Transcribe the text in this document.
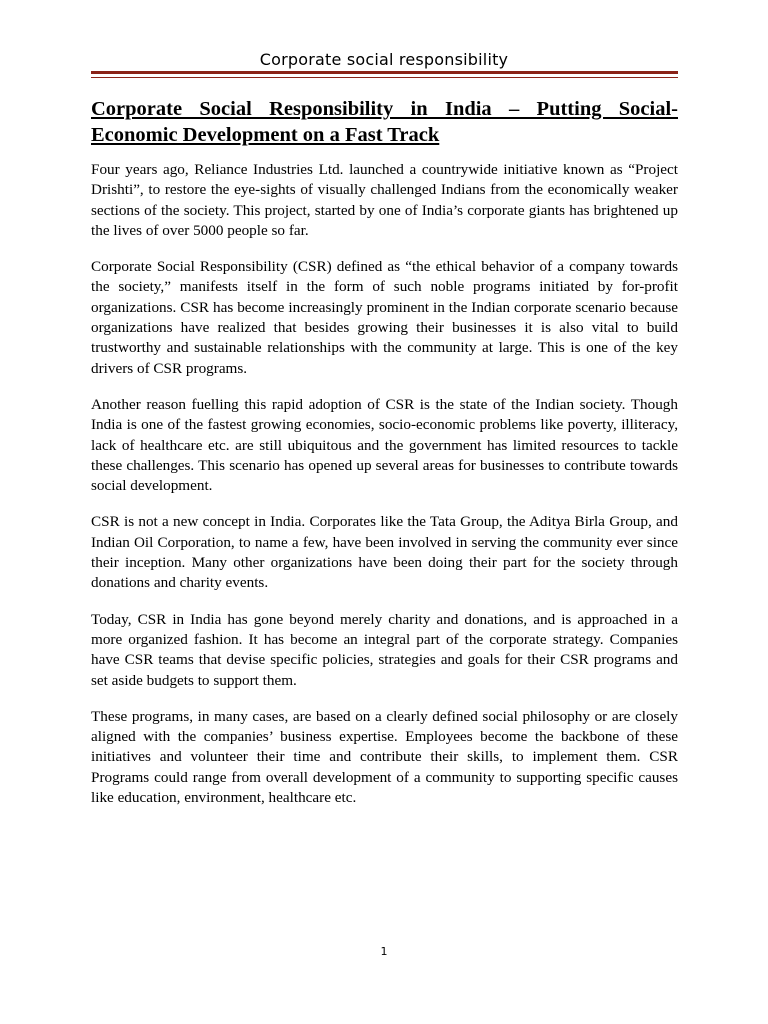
Corporate social responsibility
Corporate Social Responsibility in India – Putting Social-Economic Development on a Fast Track

Four years ago, Reliance Industries Ltd. launched a countrywide initiative known as “Project Drishti”, to restore the eye-sights of visually challenged Indians from the economically weaker sections of the society. This project, started by one of India’s corporate giants has brightened up the lives of over 5000 people so far.

Corporate Social Responsibility (CSR) defined as “the ethical behavior of a company towards the society,” manifests itself in the form of such noble programs initiated by for-profit organizations. CSR has become increasingly prominent in the Indian corporate scenario because organizations have realized that besides growing their businesses it is also vital to build trustworthy and sustainable relationships with the community at large. This is one of the key drivers of CSR programs.

Another reason fuelling this rapid adoption of CSR is the state of the Indian society. Though India is one of the fastest growing economies, socio-economic problems like poverty, illiteracy, lack of healthcare etc. are still ubiquitous and the government has limited resources to tackle these challenges. This scenario has opened up several areas for businesses to contribute towards social development.

CSR is not a new concept in India. Corporates like the Tata Group, the Aditya Birla Group, and Indian Oil Corporation, to name a few, have been involved in serving the community ever since their inception. Many other organizations have been doing their part for the society through donations and charity events.

Today, CSR in India has gone beyond merely charity and donations, and is approached in a more organized fashion. It has become an integral part of the corporate strategy. Companies have CSR teams that devise specific policies, strategies and goals for their CSR programs and set aside budgets to support them.

These programs, in many cases, are based on a clearly defined social philosophy or are closely aligned with the companies’ business expertise. Employees become the backbone of these initiatives and volunteer their time and contribute their skills, to implement them. CSR Programs could range from overall development of a community to supporting specific causes like education, environment, healthcare etc.

1
